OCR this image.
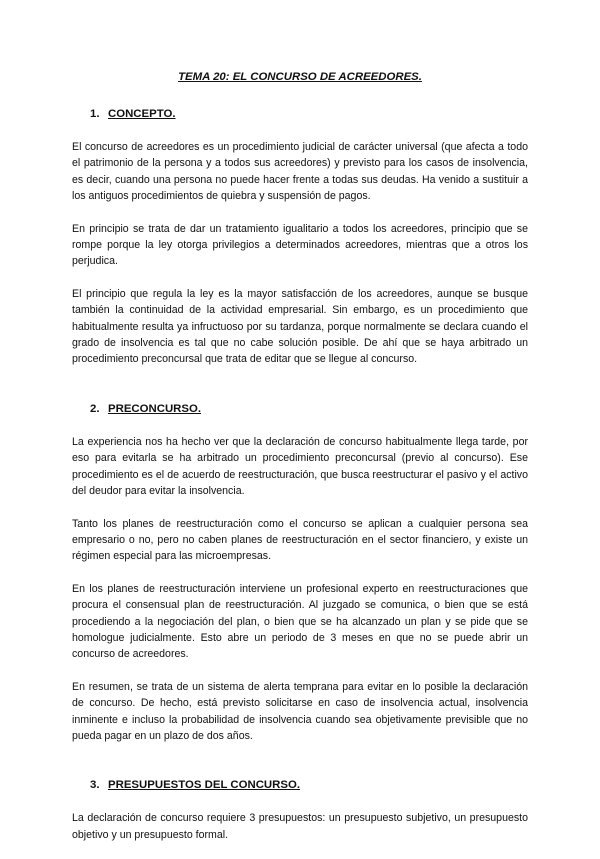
TEMA 20: EL CONCURSO DE ACREEDORES.
1. CONCEPTO.

El concurso de acreedores es un procedimiento judicial de carácter universal (que afecta a todo el patrimonio de la persona y a todos sus acreedores) y previsto para los casos de insolvencia, es decir, cuando una persona no puede hacer frente a todas sus deudas. Ha venido a sustituir a los antiguos procedimientos de quiebra y suspensión de pagos.

En principio se trata de dar un tratamiento igualitario a todos los acreedores, principio que se rompe porque la ley otorga privilegios a determinados acreedores, mientras que a otros los perjudica.

El principio que regula la ley es la mayor satisfacción de los acreedores, aunque se busque también la continuidad de la actividad empresarial. Sin embargo, es un procedimiento que habitualmente resulta ya infructuoso por su tardanza, porque normalmente se declara cuando el grado de insolvencia es tal que no cabe solución posible. De ahí que se haya arbitrado un procedimiento preconcursal que trata de editar que se llegue al concurso.

2. PRECONCURSO.

La experiencia nos ha hecho ver que la declaración de concurso habitualmente llega tarde, por eso para evitarla se ha arbitrado un procedimiento preconcursal (previo al concurso). Ese procedimiento es el de acuerdo de reestructuración, que busca reestructurar el pasivo y el activo del deudor para evitar la insolvencia.

Tanto los planes de reestructuración como el concurso se aplican a cualquier persona sea empresario o no, pero no caben planes de reestructuración en el sector financiero, y existe un régimen especial para las microempresas.

En los planes de reestructuración interviene un profesional experto en reestructuraciones que procura el consensual plan de reestructuración. Al juzgado se comunica, o bien que se está procediendo a la negociación del plan, o bien que se ha alcanzado un plan y se pide que se homologue judicialmente. Esto abre un periodo de 3 meses en que no se puede abrir un concurso de acreedores.

En resumen, se trata de un sistema de alerta temprana para evitar en lo posible la declaración de concurso. De hecho, está previsto solicitarse en caso de insolvencia actual, insolvencia inminente e incluso la probabilidad de insolvencia cuando sea objetivamente previsible que no pueda pagar en un plazo de dos años.

3. PRESUPUESTOS DEL CONCURSO.

La declaración de concurso requiere 3 presupuestos: un presupuesto subjetivo, un presupuesto objetivo y un presupuesto formal.
